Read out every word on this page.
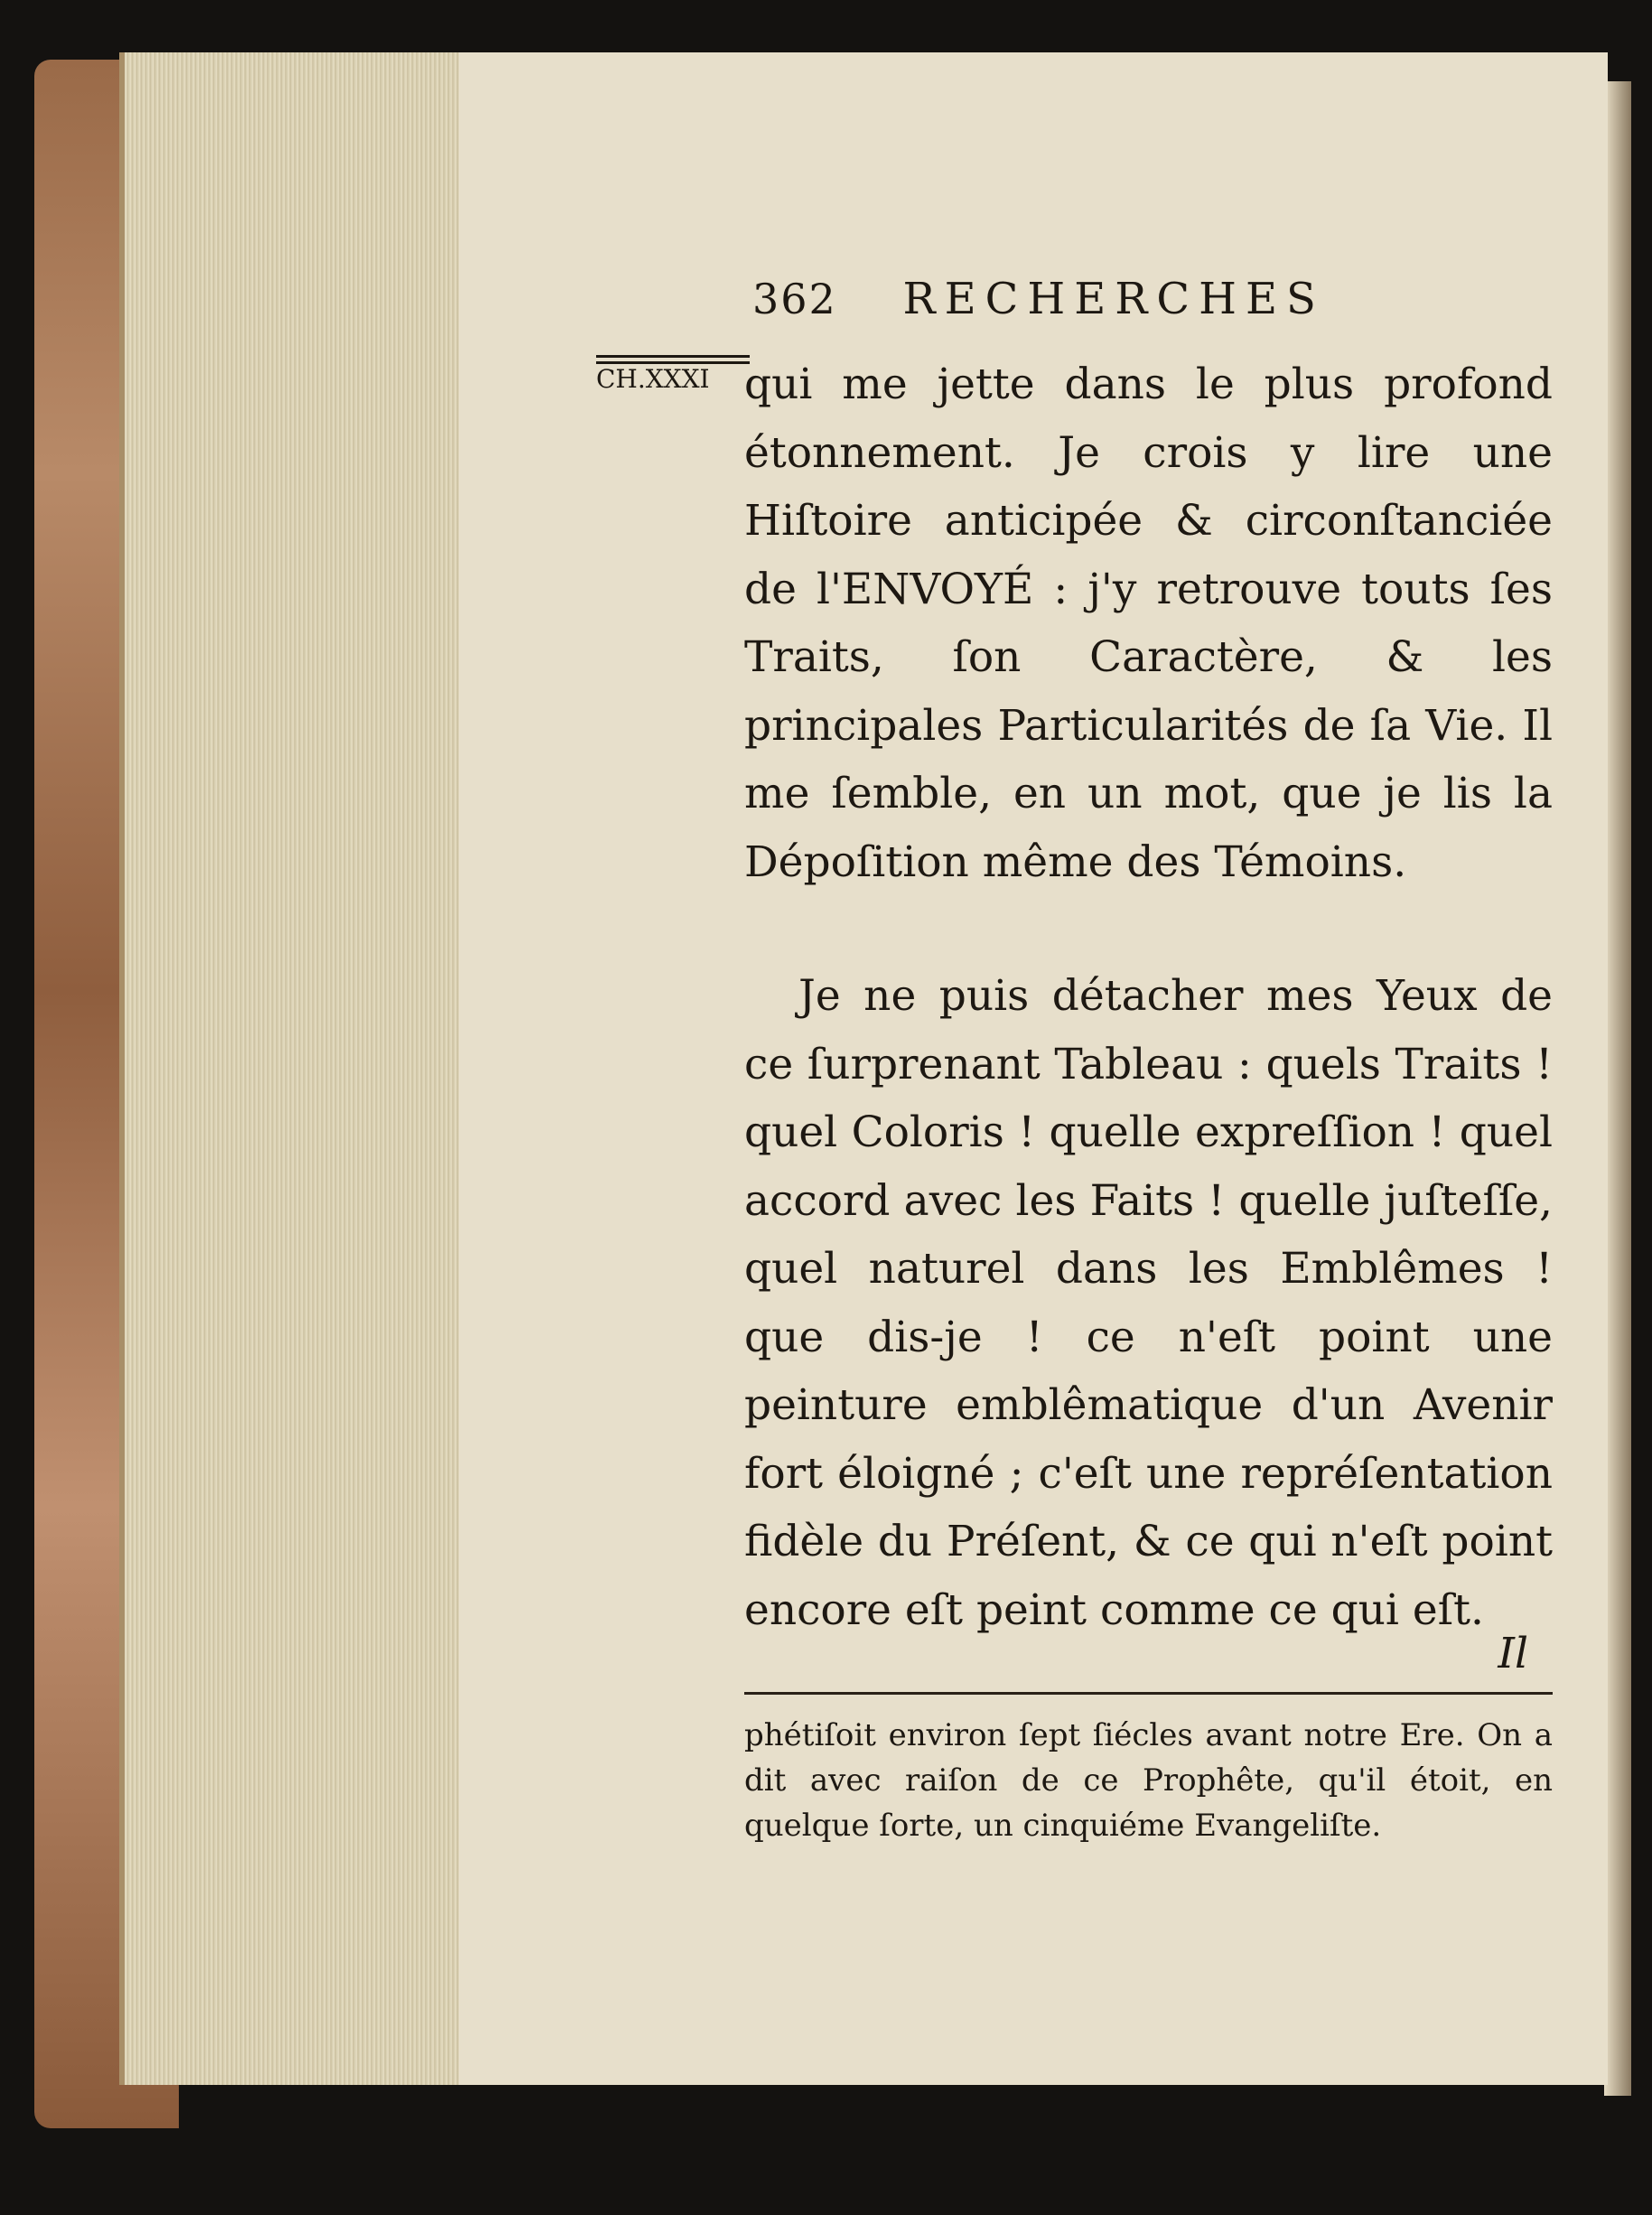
362 RECHERCHES
CH.XXXI qui me jette dans le plus profond étonnement. Je crois y lire une Hiſtoire anticipée & circonſtanciée de l'ENVOYÉ : j'y retrouve touts ſes Traits, ſon Caractère, & les principales Particularités de ſa Vie. Il me ſemble, en un mot, que je lis la Dépoſition même des Témoins.

Je ne puis détacher mes Yeux de ce ſurprenant Tableau : quels Traits ! quel Coloris ! quelle expreſſion ! quel accord avec les Faits ! quelle juſteſſe, quel naturel dans les Emblêmes ! que dis-je ! ce n'eſt point une peinture emblêmatique d'un Avenir fort éloigné ; c'eſt une repréſentation fidèle du Préſent, & ce qui n'eſt point encore eſt peint comme ce qui eſt.

Il

phétiſoit environ ſept ſiécles avant notre Ere. On a dit avec raiſon de ce Prophête, qu'il étoit, en quelque ſorte, un cinquiéme Evangeliſte.
